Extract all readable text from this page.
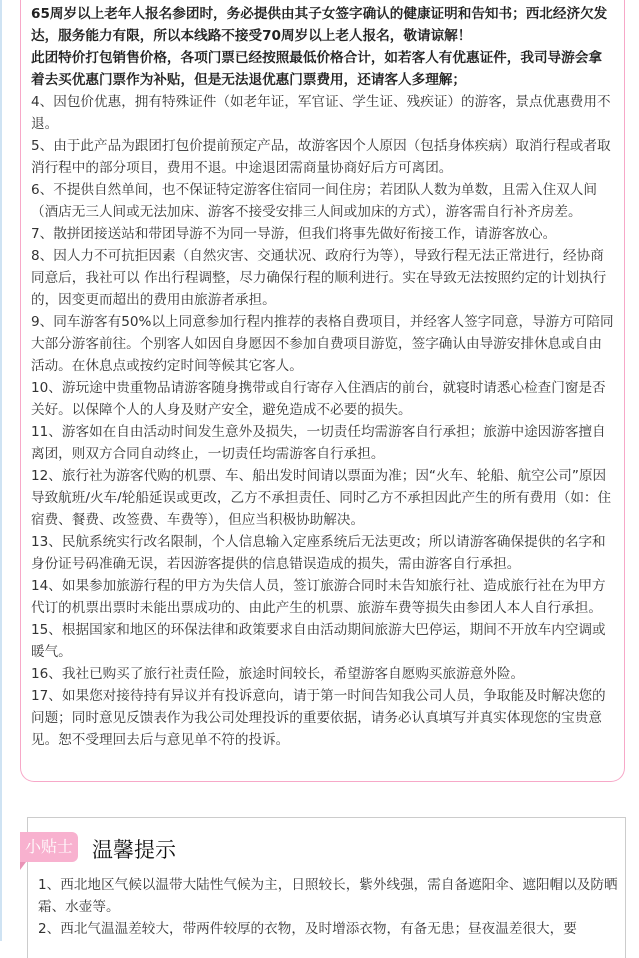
65周岁以上老年人报名参团时，务必提供由其子女签字确认的健康证明和告知书；西北经济欠发达，服务能力有限，所以本线路不接受70周岁以上老人报名，敬请谅解！

此团特价打包销售价格，各项门票已经按照最低价格合计，如若客人有优惠证件，我司导游会拿着去买优惠门票作为补贴，但是无法退优惠门票费用，还请客人多理解；

4、因包价优惠，拥有特殊证件（如老年证，军官证、学生证、残疾证）的游客，景点优惠费用不退。

5、由于此产品为跟团打包价提前预定产品，故游客因个人原因（包括身体疾病）取消行程或者取消行程中的部分项目，费用不退。中途退团需商量协商好后方可离团。

6、不提供自然单间，也不保证特定游客住宿同一间住房；若团队人数为单数，且需入住双人间（酒店无三人间或无法加床、游客不接受安排三人间或加床的方式），游客需自行补齐房差。

7、散拼团接送站和带团导游不为同一导游，但我们将事先做好衔接工作，请游客放心。

8、因人力不可抗拒因素（自然灾害、交通状况、政府行为等），导致行程无法正常进行，经协商同意后，我社可以 作出行程调整，尽力确保行程的顺利进行。实在导致无法按照约定的计划执行的，因变更而超出的费用由旅游者承担。

9、同车游客有50%以上同意参加行程内推荐的表格自费项目，并经客人签字同意，导游方可陪同大部分游客前往。个别客人如因自身愿因不参加自费项目游览，签字确认由导游安排休息或自由活动。在休息点或按约定时间等候其它客人。

10、游玩途中贵重物品请游客随身携带或自行寄存入住酒店的前台，就寝时请悉心检查门窗是否关好。以保障个人的人身及财产安全，避免造成不必要的损失。

11、游客如在自由活动时间发生意外及损失，一切责任均需游客自行承担；旅游中途因游客擅自离团，则双方合同自动终止，一切责任均需游客自行承担。

12、旅行社为游客代购的机票、车、船出发时间请以票面为准；因“火车、轮船、航空公司”原因导致航班/火车/轮船延误或更改，乙方不承担责任、同时乙方不承担因此产生的所有费用（如：住宿费、餐费、改签费、车费等），但应当积极协助解决。

13、民航系统实行改名限制，个人信息输入定座系统后无法更改；所以请游客确保提供的名字和身份证号码准确无误，若因游客提供的信息错误造成的损失，需由游客自行承担。

14、如果参加旅游行程的甲方为失信人员，签订旅游合同时未告知旅行社、造成旅行社在为甲方代订的机票出票时未能出票成功的、由此产生的机票、旅游车费等损失由参团人本人自行承担。

15、根据国家和地区的环保法律和政策要求自由活动期间旅游大巴停运，期间不开放车内空调或暖气。

16、我社已购买了旅行社责任险，旅途时间较长，希望游客自愿购买旅游意外险。

17、如果您对接待持有异议并有投诉意向，请于第一时间告知我公司人员，争取能及时解决您的问题；同时意见反馈表作为我公司处理投诉的重要依据，请务必认真填写并真实体现您的宝贵意见。恕不受理回去后与意见单不符的投诉。

小贴士 温馨提示

1、西北地区气候以温带大陆性气候为主，日照较长，紫外线强，需自备遮阳伞、遮阳帽以及防晒霜、水壶等。

2、西北气温温差较大，带两件较厚的衣物，及时增添衣物，有备无患；昼夜温差很大，要
